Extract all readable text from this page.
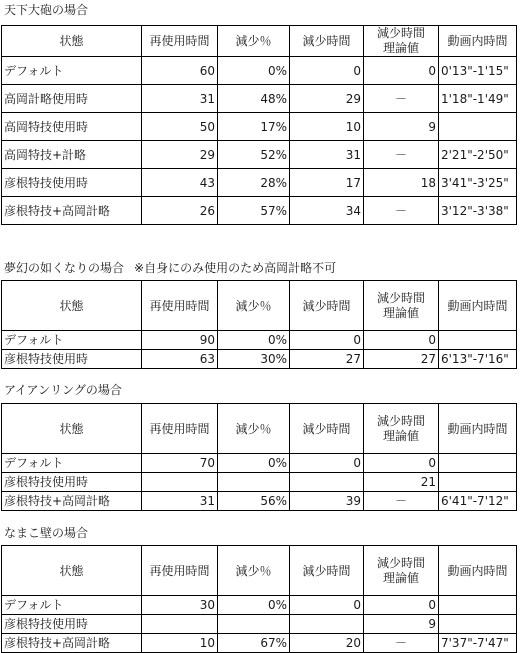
天下大砲の場合
状態	再使用時間	減少％	減少時間	減少時間
理論値	動画内時間
デフォルト	60	0%	0	0	0'13"-1'15"
高岡計略使用時	31	48%	29	－	1'18"-1'49"
高岡特技使用時	50	17%	10	9	
高岡特技+計略	29	52%	31	－	2'21"-2'50"
彦根特技使用時	43	28%	17	18	3'41"-3'25"
彦根特技+高岡計略	26	57%	34	－	3'12"-3'38"
夢幻の如くなりの場合 ※自身にのみ使用のため高岡計略不可
状態	再使用時間	減少％	減少時間	減少時間
理論値	動画内時間
デフォルト	90	0%	0	0	
彦根特技使用時	63	30%	27	27	6'13"-7'16"
アイアンリングの場合
状態	再使用時間	減少％	減少時間	減少時間
理論値	動画内時間
デフォルト	70	0%	0	0	
彦根特技使用時				21	
彦根特技+高岡計略	31	56%	39	－	6'41"-7'12"
なまこ壁の場合
状態	再使用時間	減少％	減少時間	減少時間
理論値	動画内時間
デフォルト	30	0%	0	0	
彦根特技使用時				9	
彦根特技+高岡計略	10	67%	20	－	7'37"-7'47"
